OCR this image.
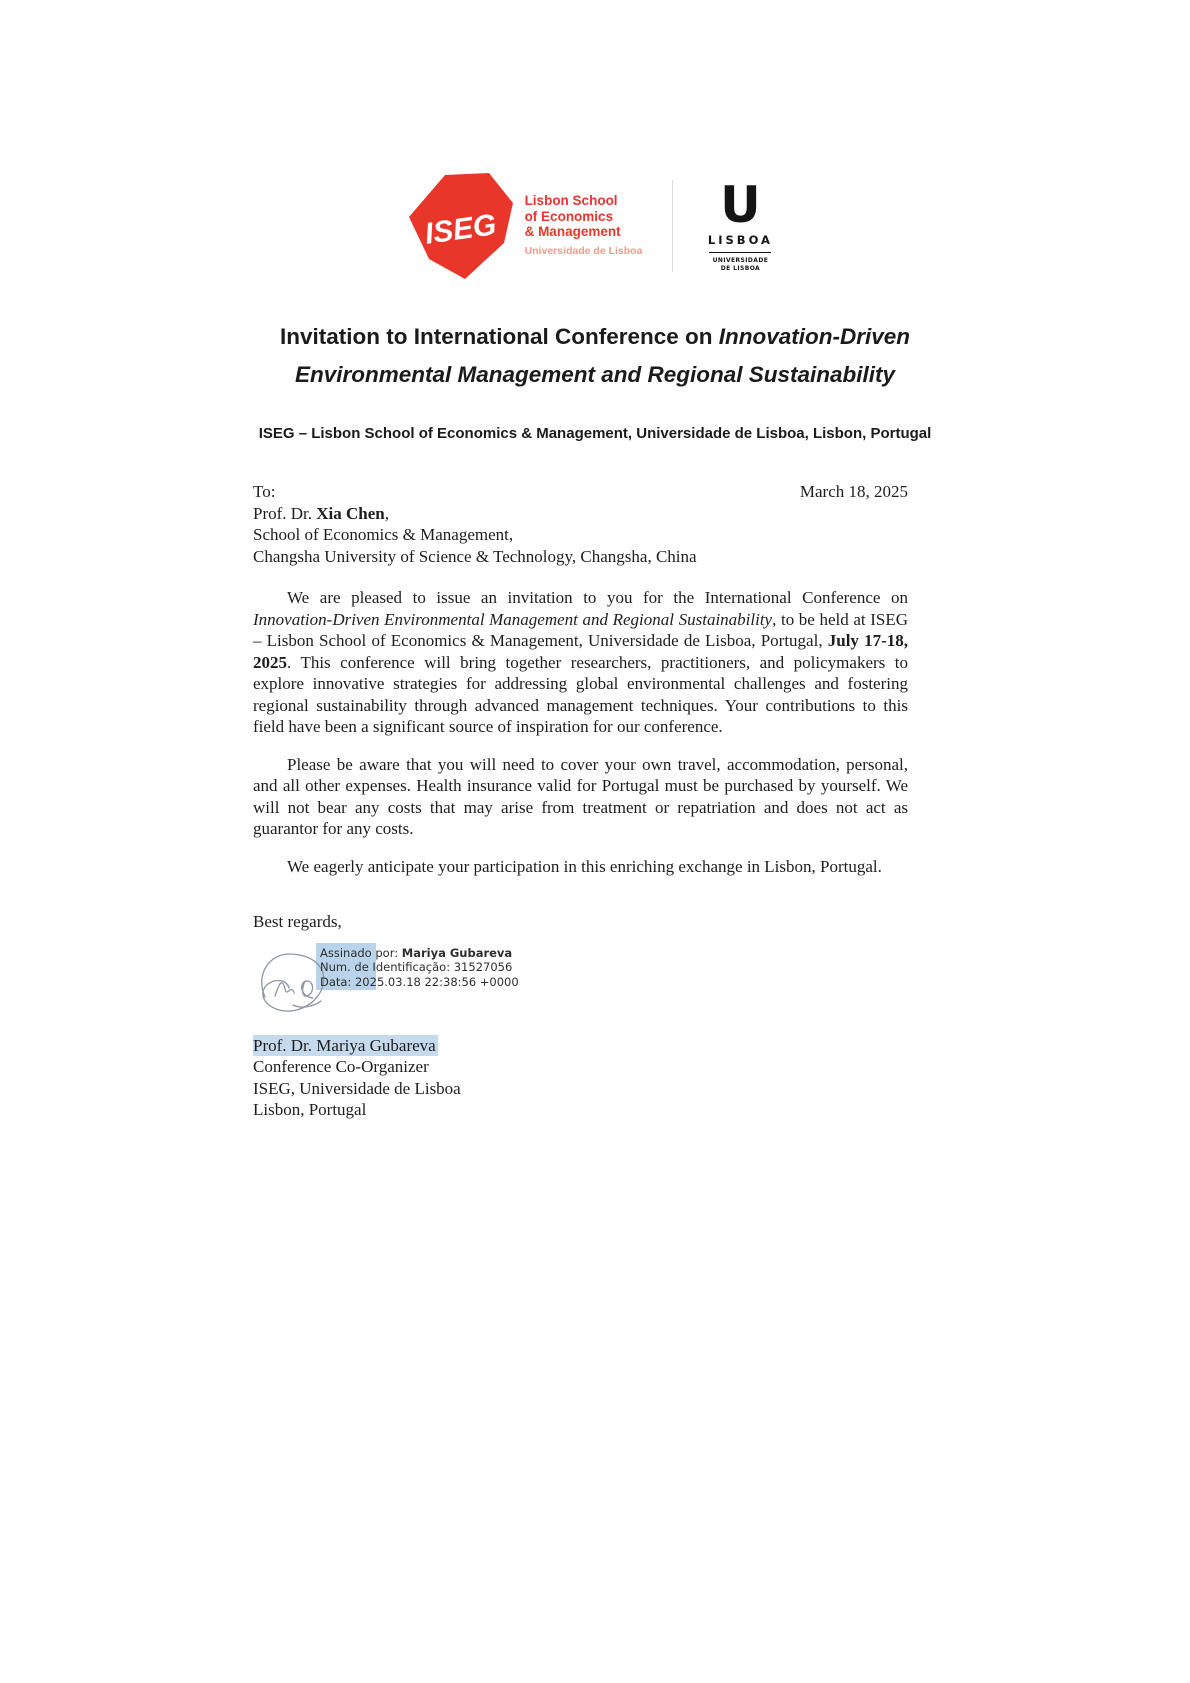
ISEG
Lisbon School
of Economics
& Management
Universidade de Lisboa
U
LISBOA
UNIVERSIDADE
DE LISBOA
Invitation to International Conference on Innovation-Driven
Environmental Management and Regional Sustainability
ISEG – Lisbon School of Economics & Management, Universidade de Lisboa, Lisbon, Portugal
To:	March 18, 2025
Prof. Dr. Xia Chen,
School of Economics & Management,
Changsha University of Science & Technology, Changsha, China

We are pleased to issue an invitation to you for the International Conference on Innovation-Driven Environmental Management and Regional Sustainability, to be held at ISEG – Lisbon School of Economics & Management, Universidade de Lisboa, Portugal, July 17-18, 2025. This conference will bring together researchers, practitioners, and policymakers to explore innovative strategies for addressing global environmental challenges and fostering regional sustainability through advanced management techniques. Your contributions to this field have been a significant source of inspiration for our conference.

Please be aware that you will need to cover your own travel, accommodation, personal, and all other expenses. Health insurance valid for Portugal must be purchased by yourself. We will not bear any costs that may arise from treatment or repatriation and does not act as guarantor for any costs.

We eagerly anticipate your participation in this enriching exchange in Lisbon, Portugal.

Best regards,
Assinado por: Mariya Gubareva
Num. de Identificação: 31527056
Data: 2025.03.18 22:38:56 +0000
Prof. Dr. Mariya Gubareva
Conference Co-Organizer
ISEG, Universidade de Lisboa
Lisbon, Portugal
